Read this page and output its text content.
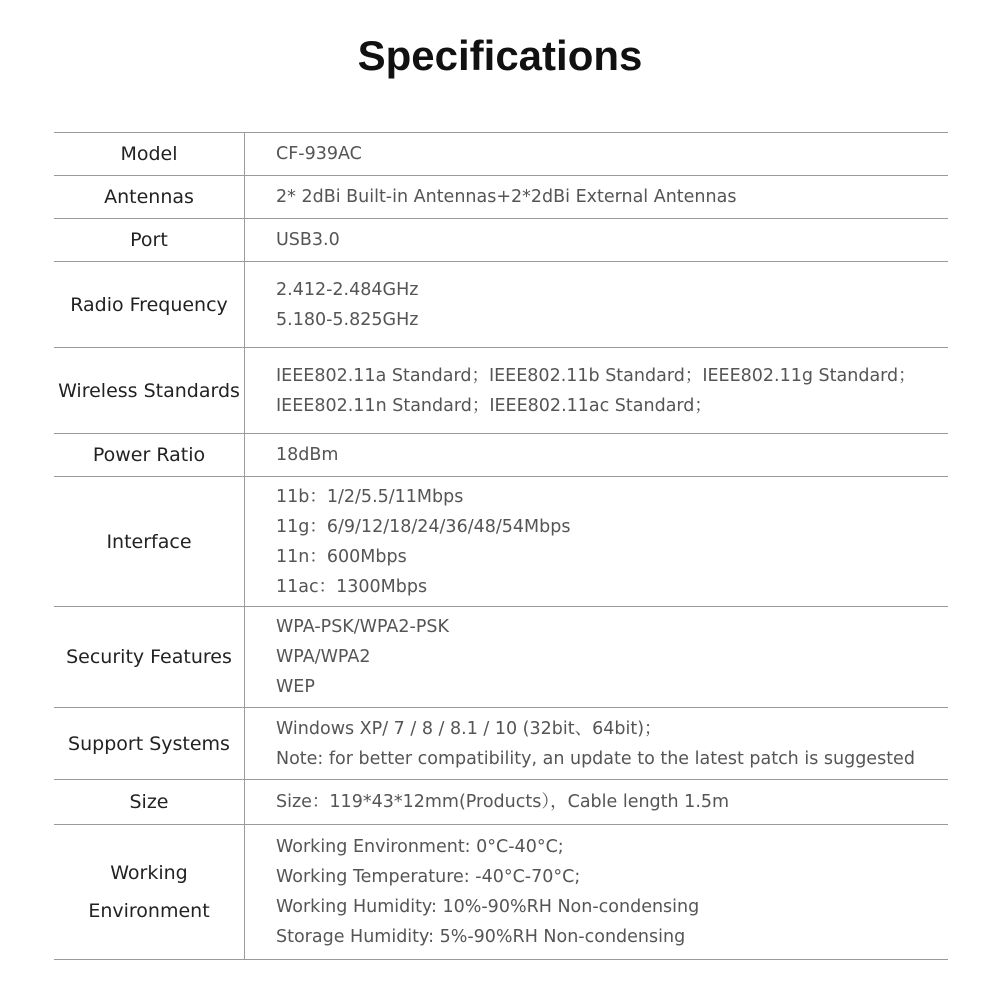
Specifications
Model	CF-939AC

Antennas	2* 2dBi Built-in Antennas+2*2dBi External Antennas

Port	USB3.0

Radio Frequency	2.412-2.484GHz
5.180-5.825GHz

Wireless Standards	IEEE802.11a Standard；IEEE802.11b Standard；IEEE802.11g Standard；
IEEE802.11n Standard；IEEE802.11ac Standard；

Power Ratio	18dBm

Interface	11b：1/2/5.5/11Mbps
11g：6/9/12/18/24/36/48/54Mbps
11n：600Mbps
11ac：1300Mbps

Security Features	WPA-PSK/WPA2-PSK
WPA/WPA2
WEP

Support Systems	Windows XP/ 7 / 8 / 8.1 / 10 (32bit、64bit)；
Note: for better compatibility, an update to the latest patch is suggested

Size	Size：119*43*12mm(Products），Cable length 1.5m

Working
Environment	Working Environment: 0°C-40°C;
Working Temperature: -40°C-70°C;
Working Humidity: 10%-90%RH Non-condensing
Storage Humidity: 5%-90%RH Non-condensing
